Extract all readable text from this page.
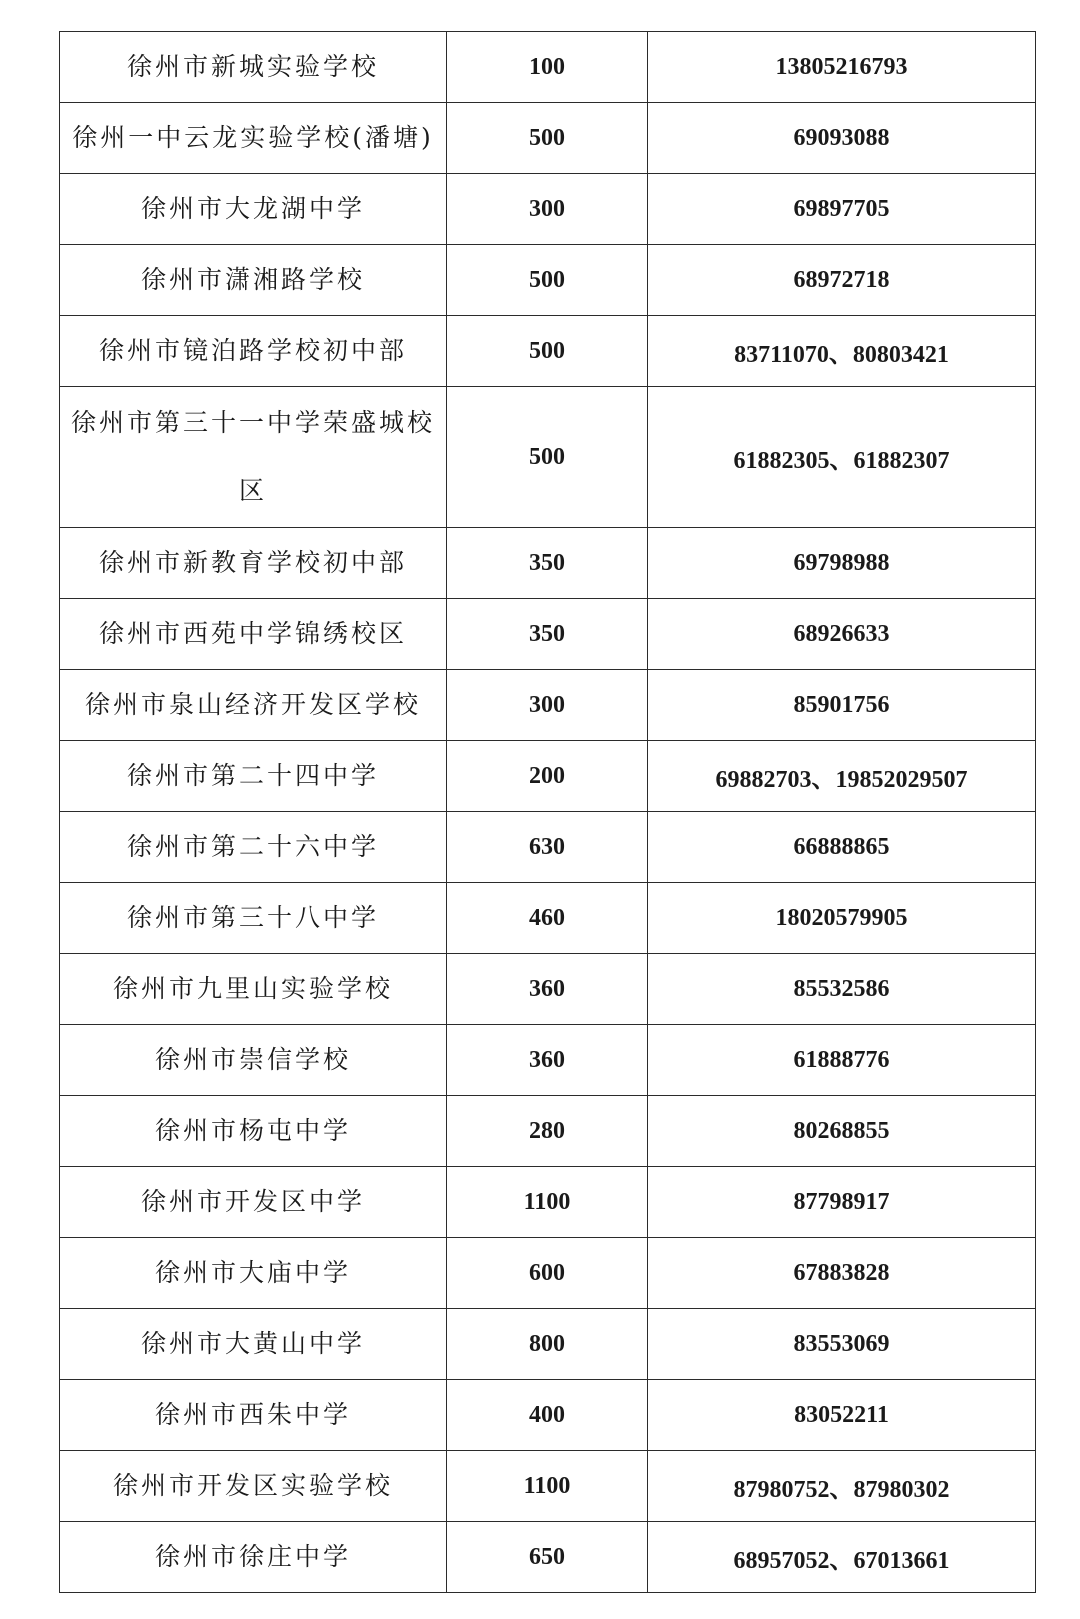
徐州市新城实验学校	100	13805216793
徐州一中云龙实验学校(潘塘)	500	69093088
徐州市大龙湖中学	300	69897705
徐州市潇湘路学校	500	68972718
徐州市镜泊路学校初中部	500	83711070、80803421
徐州市第三十一中学荣盛城校区	500	61882305、61882307
徐州市新教育学校初中部	350	69798988
徐州市西苑中学锦绣校区	350	68926633
徐州市泉山经济开发区学校	300	85901756
徐州市第二十四中学	200	69882703、19852029507
徐州市第二十六中学	630	66888865
徐州市第三十八中学	460	18020579905
徐州市九里山实验学校	360	85532586
徐州市崇信学校	360	61888776
徐州市杨屯中学	280	80268855
徐州市开发区中学	1100	87798917
徐州市大庙中学	600	67883828
徐州市大黄山中学	800	83553069
徐州市西朱中学	400	83052211
徐州市开发区实验学校	1100	87980752、87980302
徐州市徐庄中学	650	68957052、67013661
